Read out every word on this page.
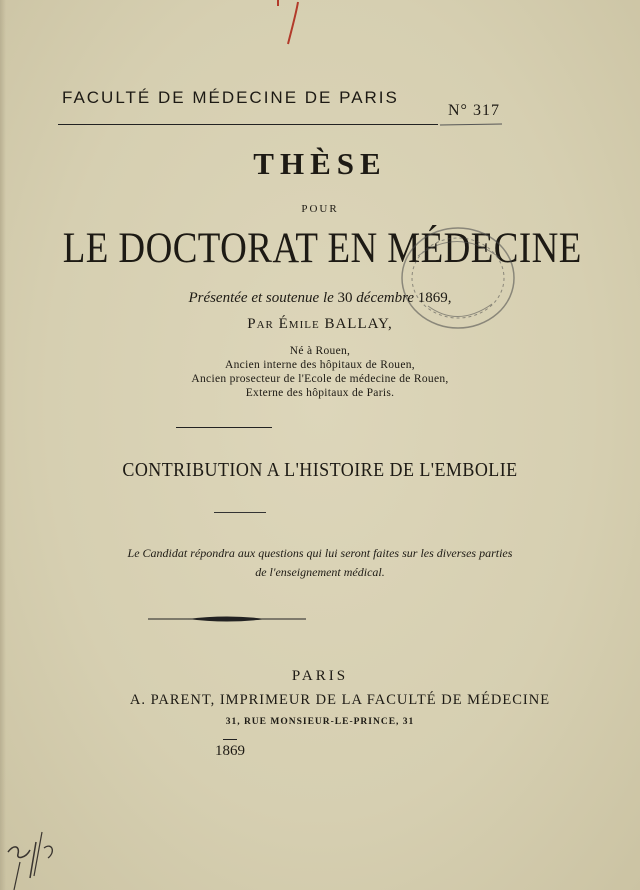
FACULTÉ DE MÉDECINE DE PARIS
N° 317
THÈSE
POUR
LE DOCTORAT EN MÉDECINE
Présentée et soutenue le 30 décembre 1869,
Par Émile BALLAY,
Né à Rouen,
Ancien interne des hôpitaux de Rouen,
Ancien prosecteur de l'Ecole de médecine de Rouen,
Externe des hôpitaux de Paris.
CONTRIBUTION A L'HISTOIRE DE L'EMBOLIE
Le Candidat répondra aux questions qui lui seront faites sur les diverses parties
de l'enseignement médical.
PARIS
A. PARENT, IMPRIMEUR DE LA FACULTÉ DE MÉDECINE
31, RUE MONSIEUR-LE-PRINCE, 31
1869
